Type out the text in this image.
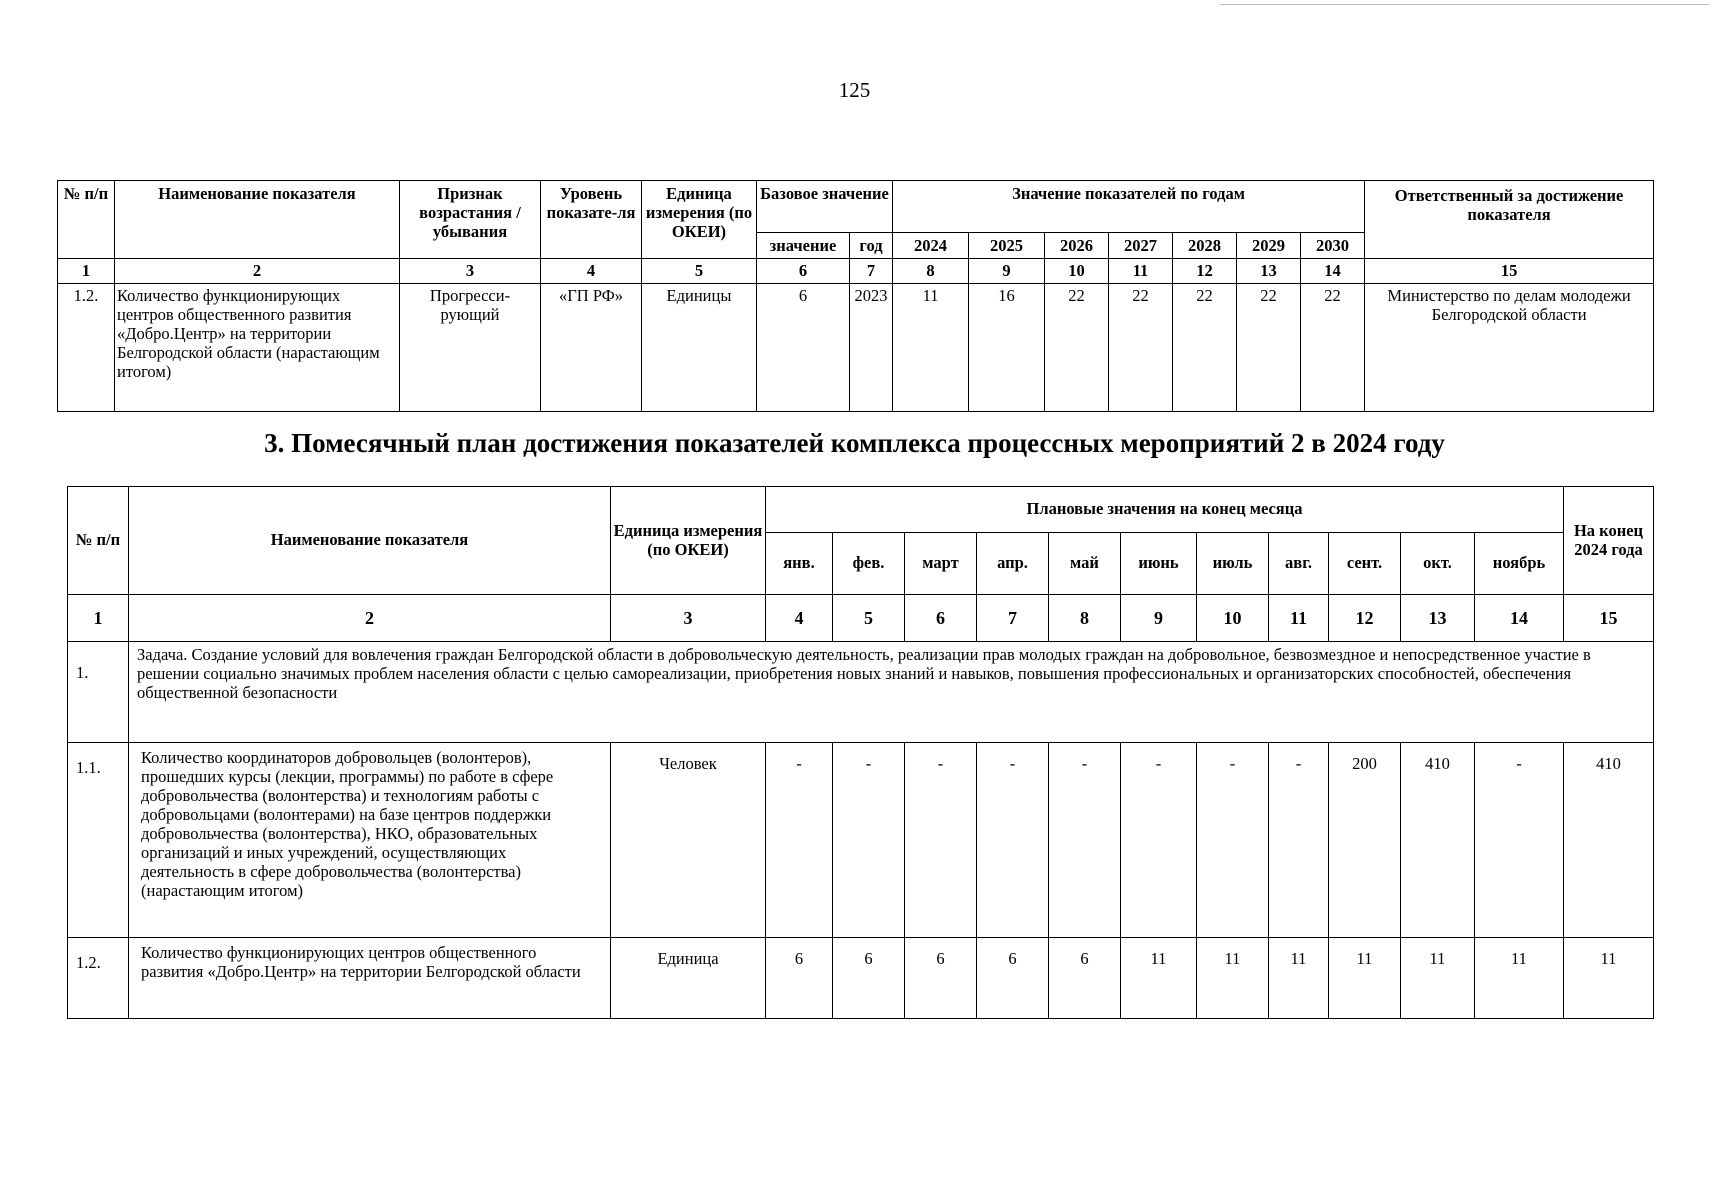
125
№ п/п	Наименование показателя	Признак возрастания / убывания	Уровень показате-ля	Единица измерения (по ОКЕИ)	Базовое значение		Значение показателей по годам							Ответственный за достижение показателя
					значение	год	2024	2025	2026	2027	2028	2029	2030	
1	2	3	4	5	6	7	8	9	10	11	12	13	14	15
1.2.	Количество функционирующих центров общественного развития «Добро.Центр» на территории Белгородской области (нарастающим итогом)	Прогресси-рующий	«ГП РФ»	Единицы	6	2023	11	16	22	22	22	22	22	Министерство по делам молодежи Белгородской области
3. Помесячный план достижения показателей комплекса процессных мероприятий 2 в 2024 году
№ п/п	Наименование показателя	Единица измерения (по ОКЕИ)	Плановые значения на конец месяца											На конец 2024 года
			янв.	фев.	март	апр.	май	июнь	июль	авг.	сент.	окт.	ноябрь	
1	2	3	4	5	6	7	8	9	10	11	12	13	14	15
1.	Задача. Создание условий для вовлечения граждан Белгородской области в добровольческую деятельность, реализации прав молодых граждан на добровольное, безвозмездное и непосредственное участие в решении социально значимых проблем населения области с целью самореализации, приобретения новых знаний и навыков, повышения профессиональных и организаторских способностей, обеспечения общественной безопасности													
1.1.	Количество координаторов добровольцев (волонтеров), прошедших курсы (лекции, программы) по работе в сфере добровольчества (волонтерства) и технологиям работы с добровольцами (волонтерами) на базе центров поддержки добровольчества (волонтерства), НКО, образовательных организаций и иных учреждений, осуществляющих деятельность в сфере добровольчества (волонтерства) (нарастающим итогом)	Человек	-	-	-	-	-	-	-	-	200	410	-	410
1.2.	Количество функционирующих центров общественного развития «Добро.Центр» на территории Белгородской области	Единица	6	6	6	6	6	11	11	11	11	11	11	11
